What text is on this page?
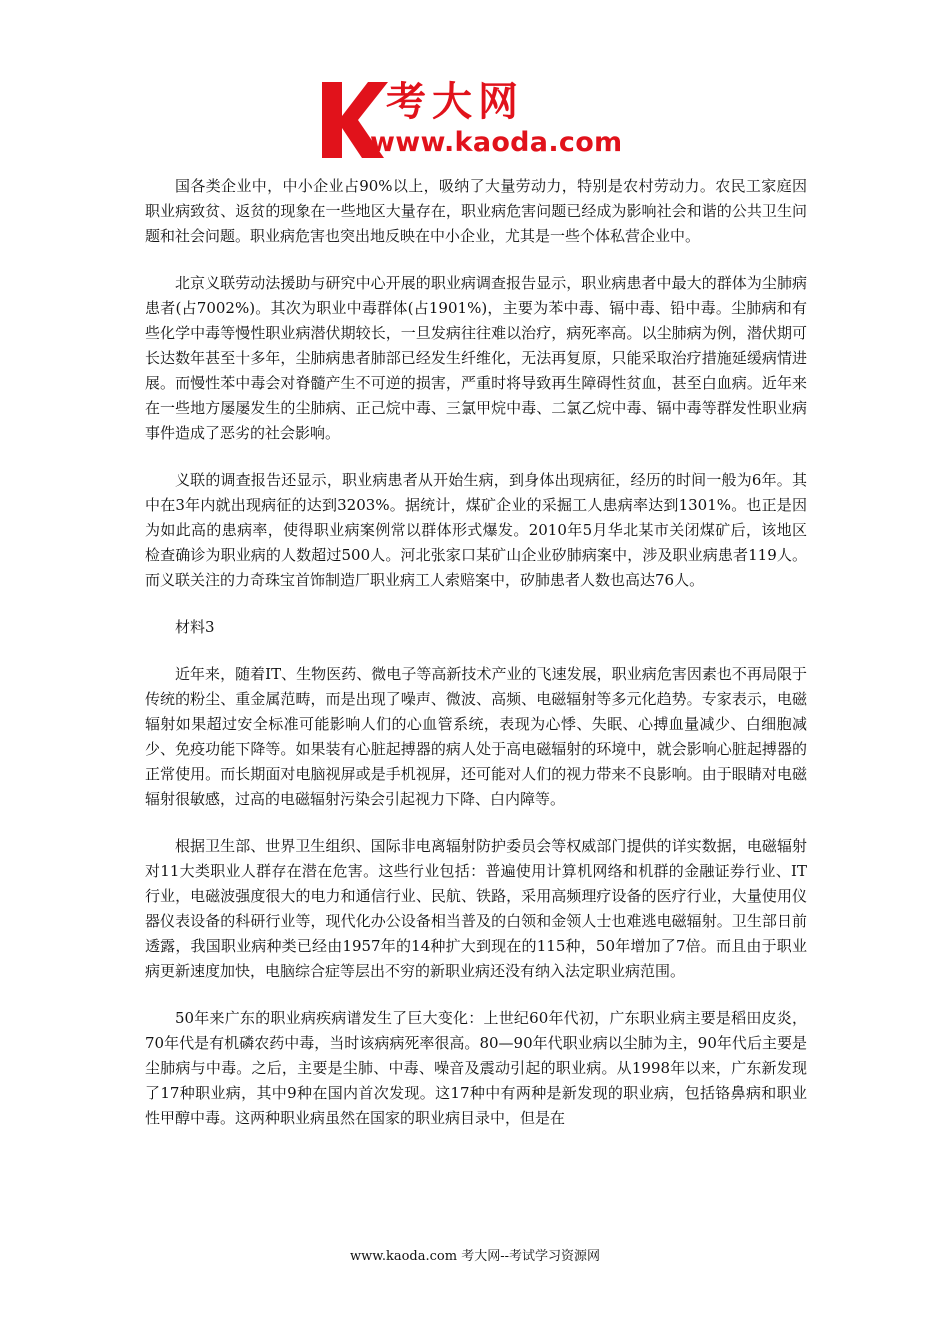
考大网
www.kaoda.com

国各类企业中，中小企业占90%以上，吸纳了大量劳动力，特别是农村劳动力。农民工家庭因职业病致贫、返贫的现象在一些地区大量存在，职业病危害问题已经成为影响社会和谐的公共卫生问题和社会问题。职业病危害也突出地反映在中小企业，尤其是一些个体私营企业中。

北京义联劳动法援助与研究中心开展的职业病调查报告显示，职业病患者中最大的群体为尘肺病患者(占7002%)。其次为职业中毒群体(占1901%)，主要为苯中毒、镉中毒、铅中毒。尘肺病和有些化学中毒等慢性职业病潜伏期较长，一旦发病往往难以治疗，病死率高。以尘肺病为例，潜伏期可长达数年甚至十多年，尘肺病患者肺部已经发生纤维化，无法再复原，只能采取治疗措施延缓病情进展。而慢性苯中毒会对脊髓产生不可逆的损害，严重时将导致再生障碍性贫血，甚至白血病。近年来在一些地方屡屡发生的尘肺病、正己烷中毒、三氯甲烷中毒、二氯乙烷中毒、镉中毒等群发性职业病事件造成了恶劣的社会影响。

义联的调查报告还显示，职业病患者从开始生病，到身体出现病征，经历的时间一般为6年。其中在3年内就出现病征的达到3203%。据统计，煤矿企业的采掘工人患病率达到1301%。也正是因为如此高的患病率，使得职业病案例常以群体形式爆发。2010年5月华北某市关闭煤矿后，该地区检查确诊为职业病的人数超过500人。河北张家口某矿山企业矽肺病案中，涉及职业病患者119人。而义联关注的力奇珠宝首饰制造厂职业病工人索赔案中，矽肺患者人数也高达76人。

材料3

近年来，随着IT、生物医药、微电子等高新技术产业的飞速发展，职业病危害因素也不再局限于传统的粉尘、重金属范畴，而是出现了噪声、微波、高频、电磁辐射等多元化趋势。专家表示，电磁辐射如果超过安全标准可能影响人们的心血管系统，表现为心悸、失眠、心搏血量减少、白细胞减少、免疫功能下降等。如果装有心脏起搏器的病人处于高电磁辐射的环境中，就会影响心脏起搏器的正常使用。而长期面对电脑视屏或是手机视屏，还可能对人们的视力带来不良影响。由于眼睛对电磁辐射很敏感，过高的电磁辐射污染会引起视力下降、白内障等。

根据卫生部、世界卫生组织、国际非电离辐射防护委员会等权威部门提供的详实数据，电磁辐射对11大类职业人群存在潜在危害。这些行业包括：普遍使用计算机网络和机群的金融证券行业、IT行业，电磁波强度很大的电力和通信行业、民航、铁路，采用高频理疗设备的医疗行业，大量使用仪器仪表设备的科研行业等，现代化办公设备相当普及的白领和金领人士也难逃电磁辐射。卫生部日前透露，我国职业病种类已经由1957年的14种扩大到现在的115种，50年增加了7倍。而且由于职业病更新速度加快，电脑综合症等层出不穷的新职业病还没有纳入法定职业病范围。

50年来广东的职业病疾病谱发生了巨大变化：上世纪60年代初，广东职业病主要是稻田皮炎，70年代是有机磷农药中毒，当时该病病死率很高。80—90年代职业病以尘肺为主，90年代后主要是尘肺病与中毒。之后，主要是尘肺、中毒、噪音及震动引起的职业病。从1998年以来，广东新发现了17种职业病，其中9种在国内首次发现。这17种中有两种是新发现的职业病，包括铬鼻病和职业性甲醇中毒。这两种职业病虽然在国家的职业病目录中，但是在

www.kaoda.com 考大网--考试学习资源网
